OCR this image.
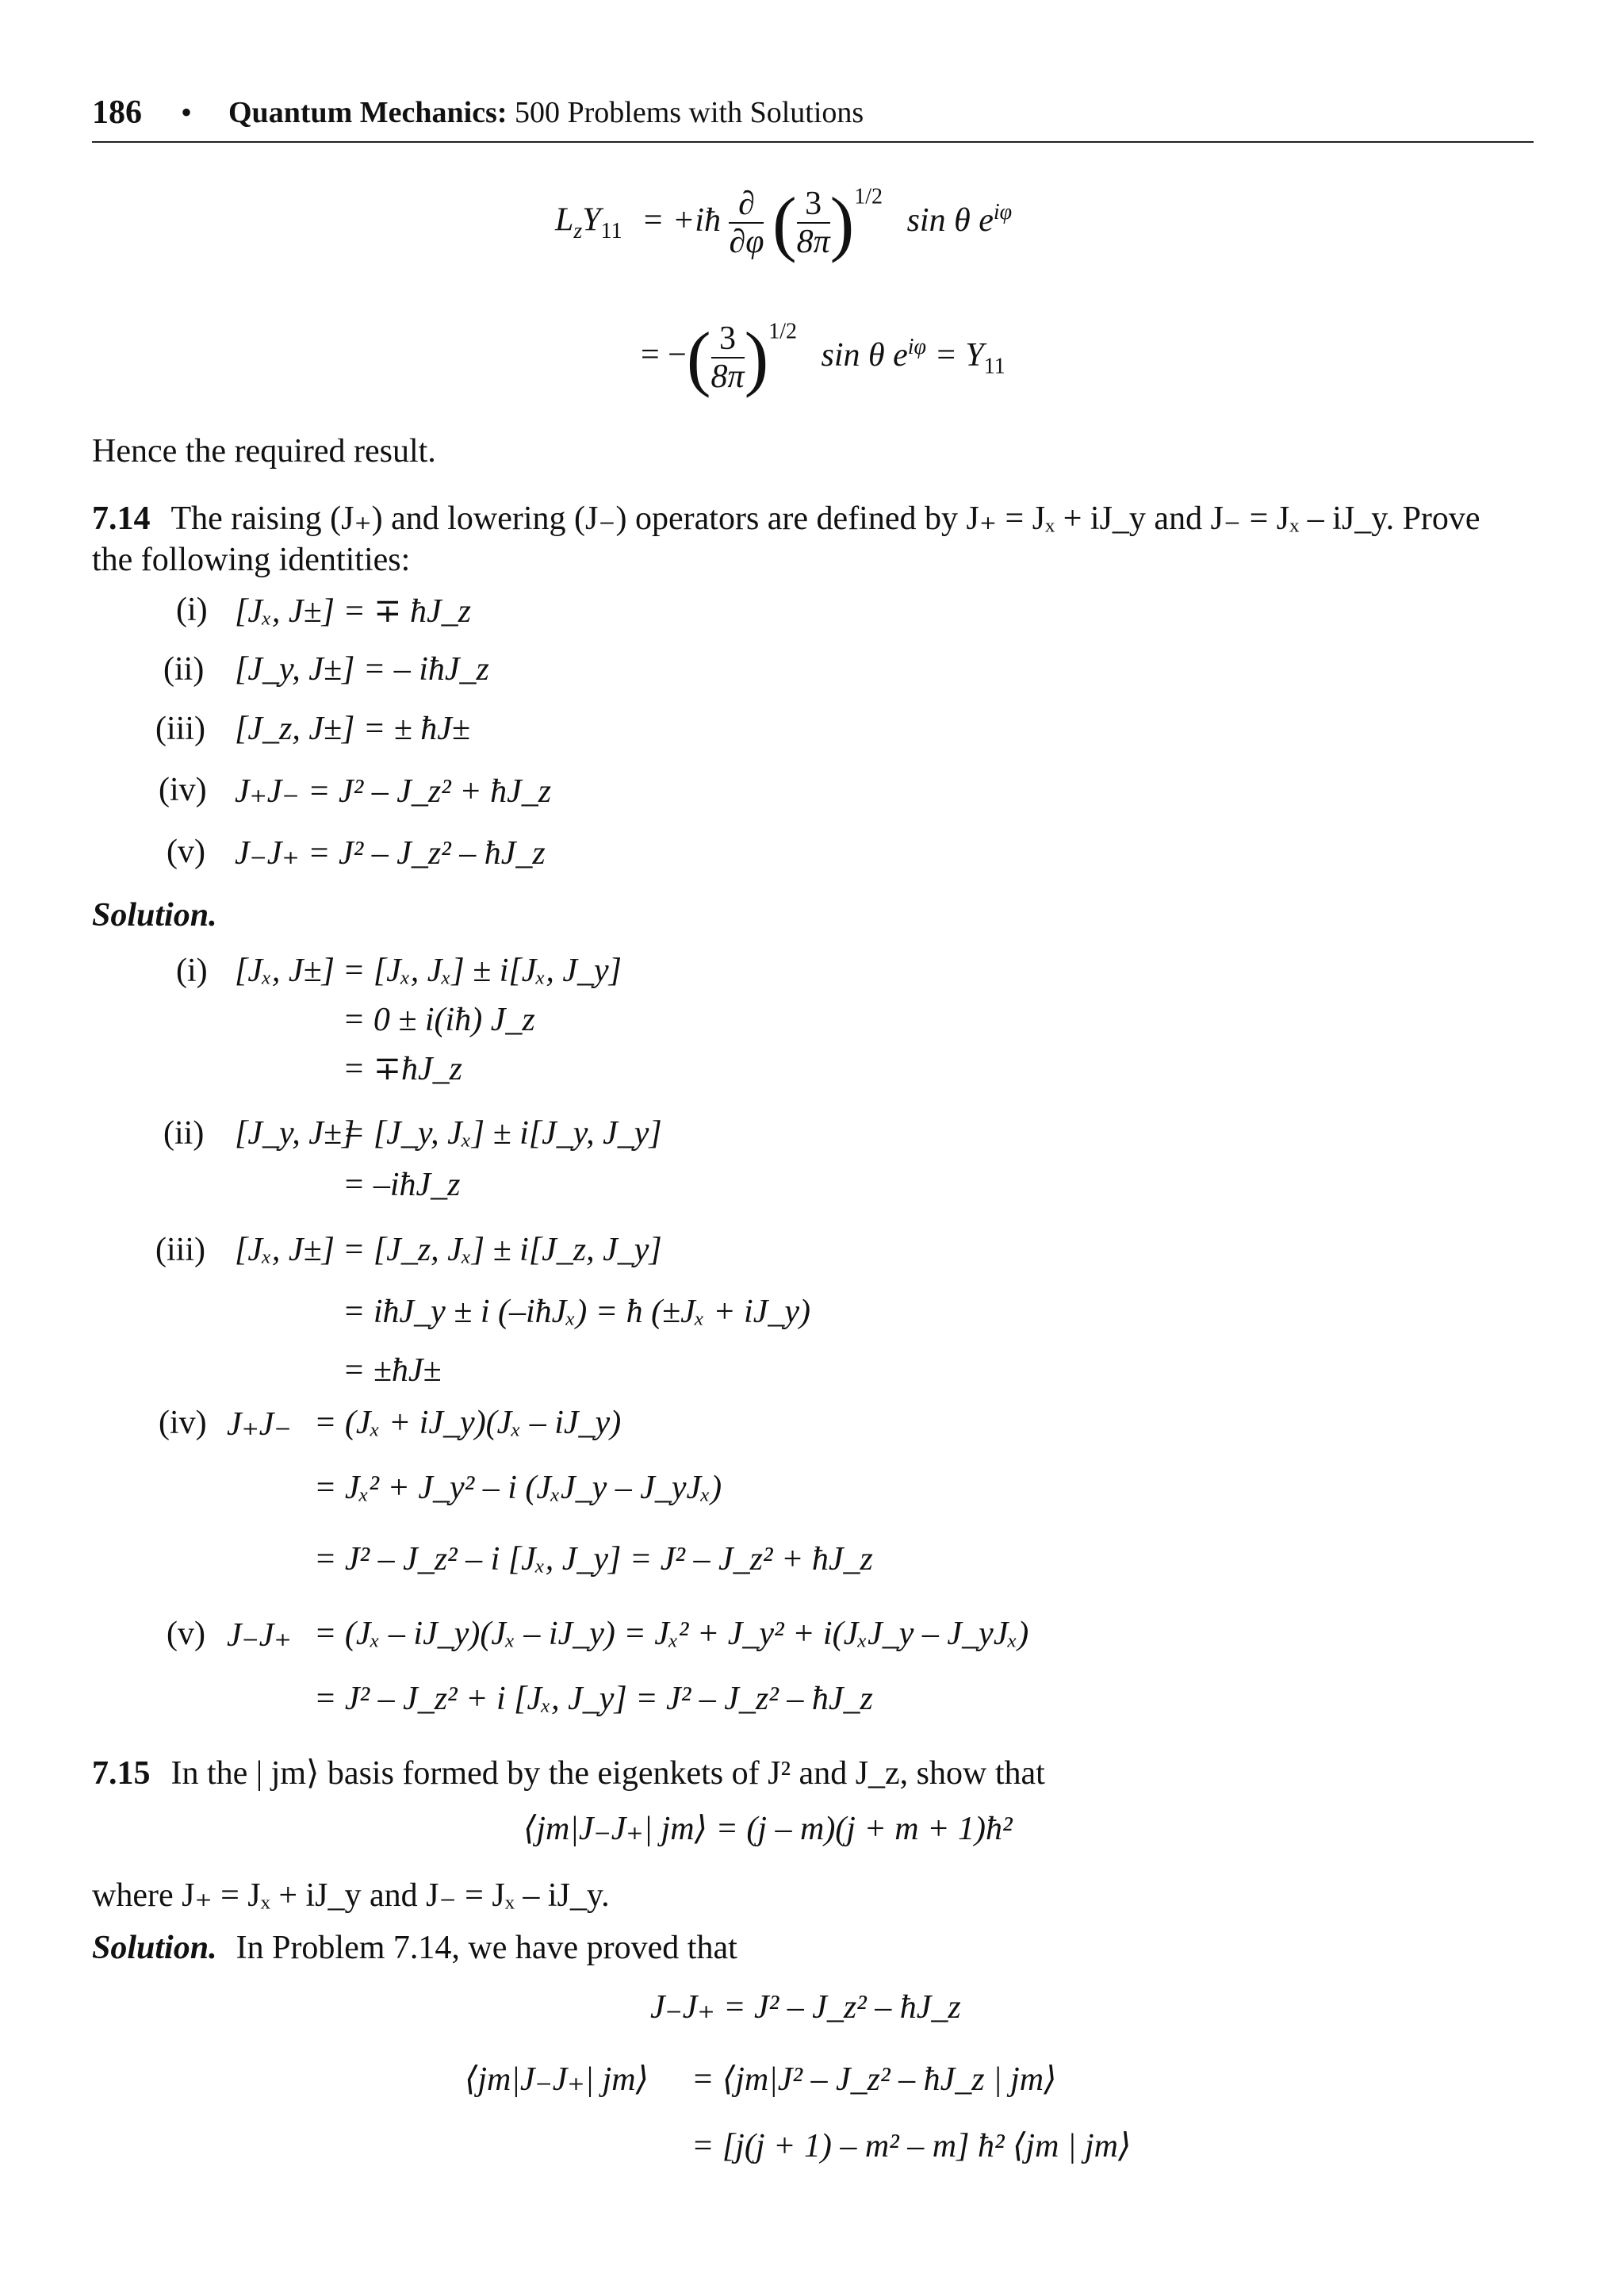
186 • Quantum Mechanics: 500 Problems with Solutions
$L_zY_{11}$ = +iħ $\frac{\partial}{\partial\varphi}$ ( $\frac{3}{8\pi} )^{1/2}$ sin θ $e^{i\varphi}$
= −( $\frac{3}{8\pi} )^{1/2}$ sin θ $e^{i\varphi} = Y_{11}$
Hence the required result.
7.14 The raising (J₊) and lowering (J₋) operators are defined by J₊ = Jₓ + iJ_y and J₋ = Jₓ – iJ_y. Prove
the following identities:
(i) [Jₓ, J±] = ∓ ħJ_z
(ii) [J_y, J±] = – iħJ_z
(iii) [J_z, J±] = ± ħJ±
(iv) J₊J₋ = J² – J_z² + ħJ_z
(v) J₋J₊ = J² – J_z² – ħJ_z
Solution.
(i) [Jₓ, J±] = [Jₓ, Jₓ] ± i[Jₓ, J_y]
= 0 ± i(iħ) J_z
= ∓ħJ_z
(ii) [J_y, J±]
= [J_y, Jₓ] ± i[J_y, J_y]
= –iħJ_z
(iii) [Jₓ, J±] = [J_z, Jₓ] ± i[J_z, J_y]
= iħJ_y ± i (–iħJₓ) = ħ (±Jₓ + iJ_y)
= ±ħJ±
(iv) J₊J₋ = (Jₓ + iJ_y)(Jₓ – iJ_y)
= Jₓ² + J_y² – i (JₓJ_y – J_yJₓ)
= J² – J_z² – i [Jₓ, J_y] = J² – J_z² + ħJ_z
(v) J₋J₊ = (Jₓ – iJ_y)(Jₓ – iJ_y) = Jₓ² + J_y² + i(JₓJ_y – J_yJₓ)
= J² – J_z² + i [Jₓ, J_y] = J² – J_z² – ħJ_z
7.15 In the | jm⟩ basis formed by the eigenkets of J² and J_z, show that
⟨jm|J₋J₊| jm⟩ = (j – m)(j + m + 1)ħ²
where J₊ = Jₓ + iJ_y and J₋ = Jₓ – iJ_y.
Solution. In Problem 7.14, we have proved that
J₋J₊ = J² – J_z² – ħJ_z
⟨jm|J₋J₊| jm⟩ = ⟨jm|J² – J_z² – ħJ_z | jm⟩
= [j(j + 1) – m² – m] ħ² ⟨jm | jm⟩
